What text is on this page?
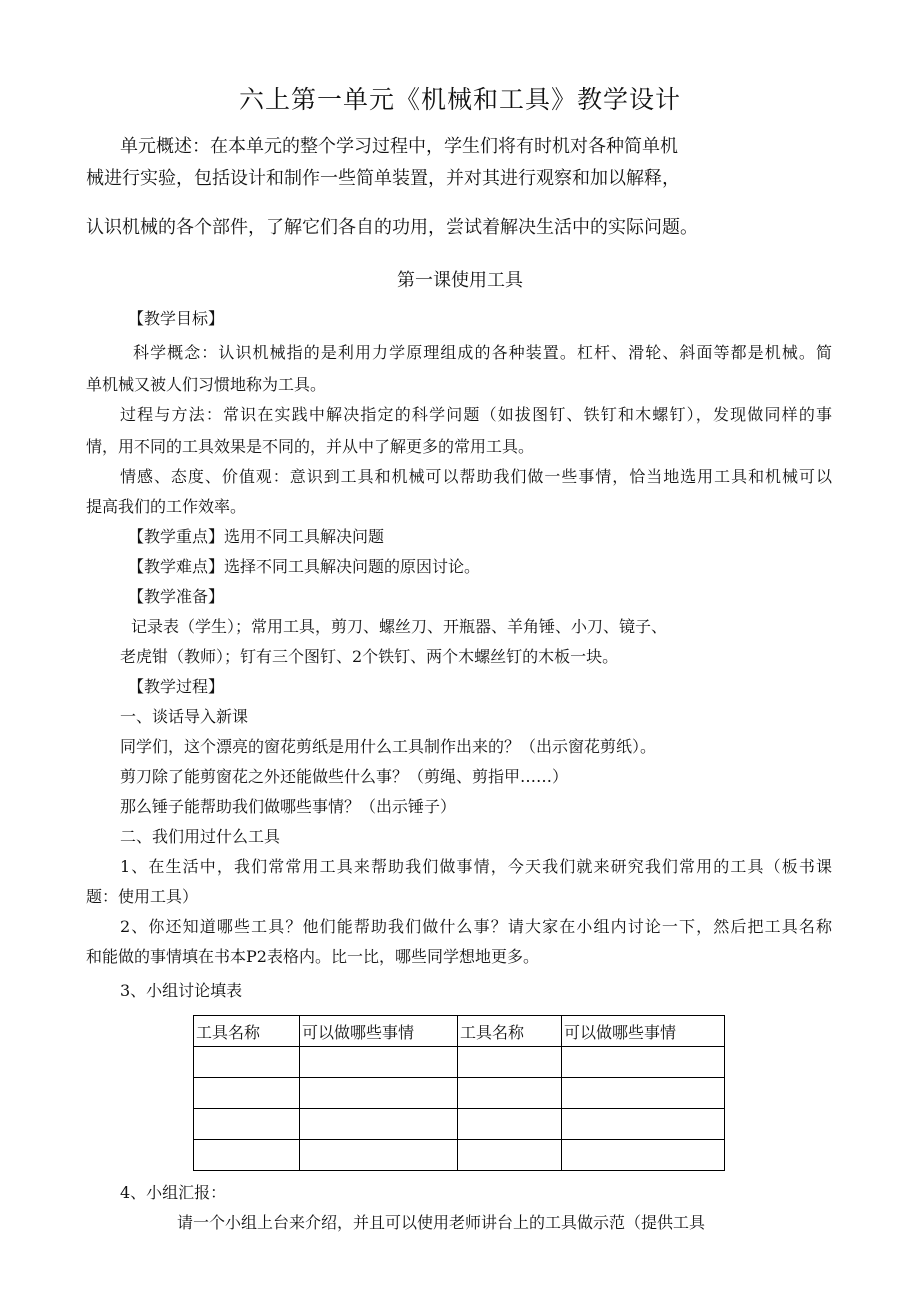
六上第一单元《机械和工具》教学设计
单元概述：在本单元的整个学习过程中，学生们将有时机对各种简单机
械进行实验，包括设计和制作一些简单装置，并对其进行观察和加以解释，
认识机械的各个部件，了解它们各自的功用，尝试着解决生活中的实际问题。
第一课使用工具
【教学目标】
科学概念：认识机械指的是利用力学原理组成的各种装置。杠杆、滑轮、斜面等都是机械。简
单机械又被人们习惯地称为工具。
过程与方法：常识在实践中解决指定的科学问题（如拔图钉、铁钉和木螺钉），发现做同样的事
情，用不同的工具效果是不同的，并从中了解更多的常用工具。
情感、态度、价值观：意识到工具和机械可以帮助我们做一些事情，恰当地选用工具和机械可以
提高我们的工作效率。
【教学重点】选用不同工具解决问题
【教学难点】选择不同工具解决问题的原因讨论。
【教学准备】
记录表（学生）；常用工具，剪刀、螺丝刀、开瓶器、羊角锤、小刀、镜子、
老虎钳（教师）；钉有三个图钉、2个铁钉、两个木螺丝钉的木板一块。
【教学过程】
一、谈话导入新课
同学们，这个漂亮的窗花剪纸是用什么工具制作出来的？（出示窗花剪纸）。
剪刀除了能剪窗花之外还能做些什么事？（剪绳、剪指甲……）
那么锤子能帮助我们做哪些事情？（出示锤子）
二、我们用过什么工具
1、在生活中，我们常常用工具来帮助我们做事情，今天我们就来研究我们常用的工具（板书课
题：使用工具）
2、你还知道哪些工具？他们能帮助我们做什么事？请大家在小组内讨论一下，然后把工具名称
和能做的事情填在书本P2表格内。比一比，哪些同学想地更多。
3、小组讨论填表
工具名称	可以做哪些事情	工具名称	可以做哪些事情

4、小组汇报：
请一个小组上台来介绍，并且可以使用老师讲台上的工具做示范（提供工具
